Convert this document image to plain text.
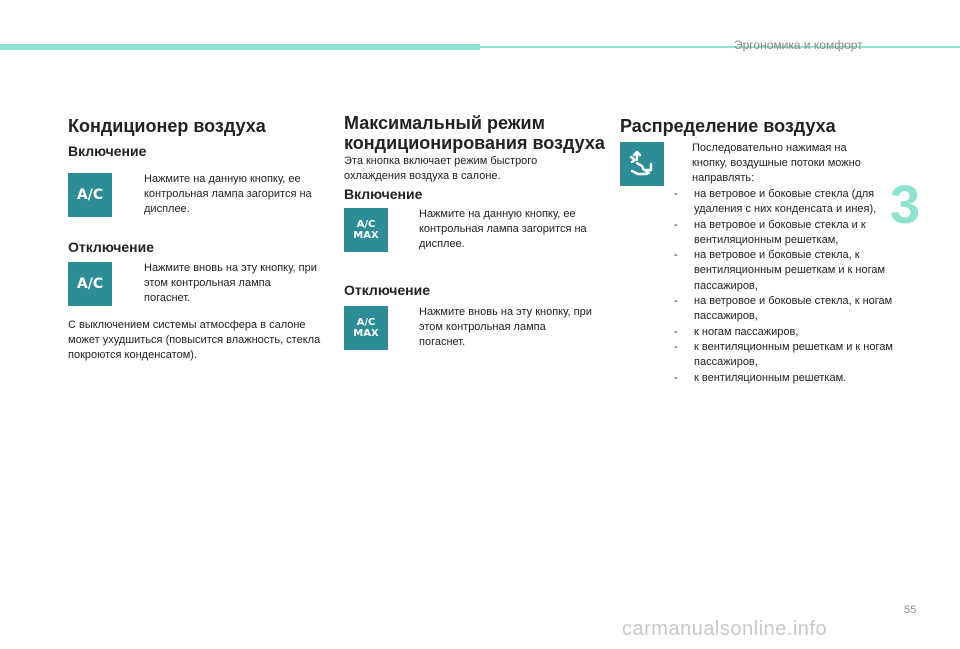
Эргономика и комфорт
3
55
carmanualsonline.info
Кондиционер воздуха
Включение
A/C
Нажмите на данную кнопку, ее контрольная лампа загорится на дисплее.
Отключение
A/C
Нажмите вновь на эту кнопку, при этом контрольная лампа погаснет.
С выключением системы атмосфера в салоне может ухудшиться (повысится влажность, стекла покроются конденсатом).
Максимальный режим
кондиционирования воздуха
Эта кнопка включает режим быстрого охлаждения воздуха в салоне.
Включение
A/C
MAX
Нажмите на данную кнопку, ее контрольная лампа загорится на дисплее.
Отключение
A/C
MAX
Нажмите вновь на эту кнопку, при этом контрольная лампа погаснет.
Распределение воздуха
Последовательно нажимая на кнопку, воздушные потоки можно направлять:
-	на ветровое и боковые стекла (для удаления с них конденсата и инея),
-	на ветровое и боковые стекла и к вентиляционным решеткам,
-	на ветровое и боковые стекла, к вентиляционным решеткам и к ногам пассажиров,
-	на ветровое и боковые стекла, к ногам пассажиров,
-	к ногам пассажиров,
-	к вентиляционным решеткам и к ногам пассажиров,
-	к вентиляционным решеткам.
